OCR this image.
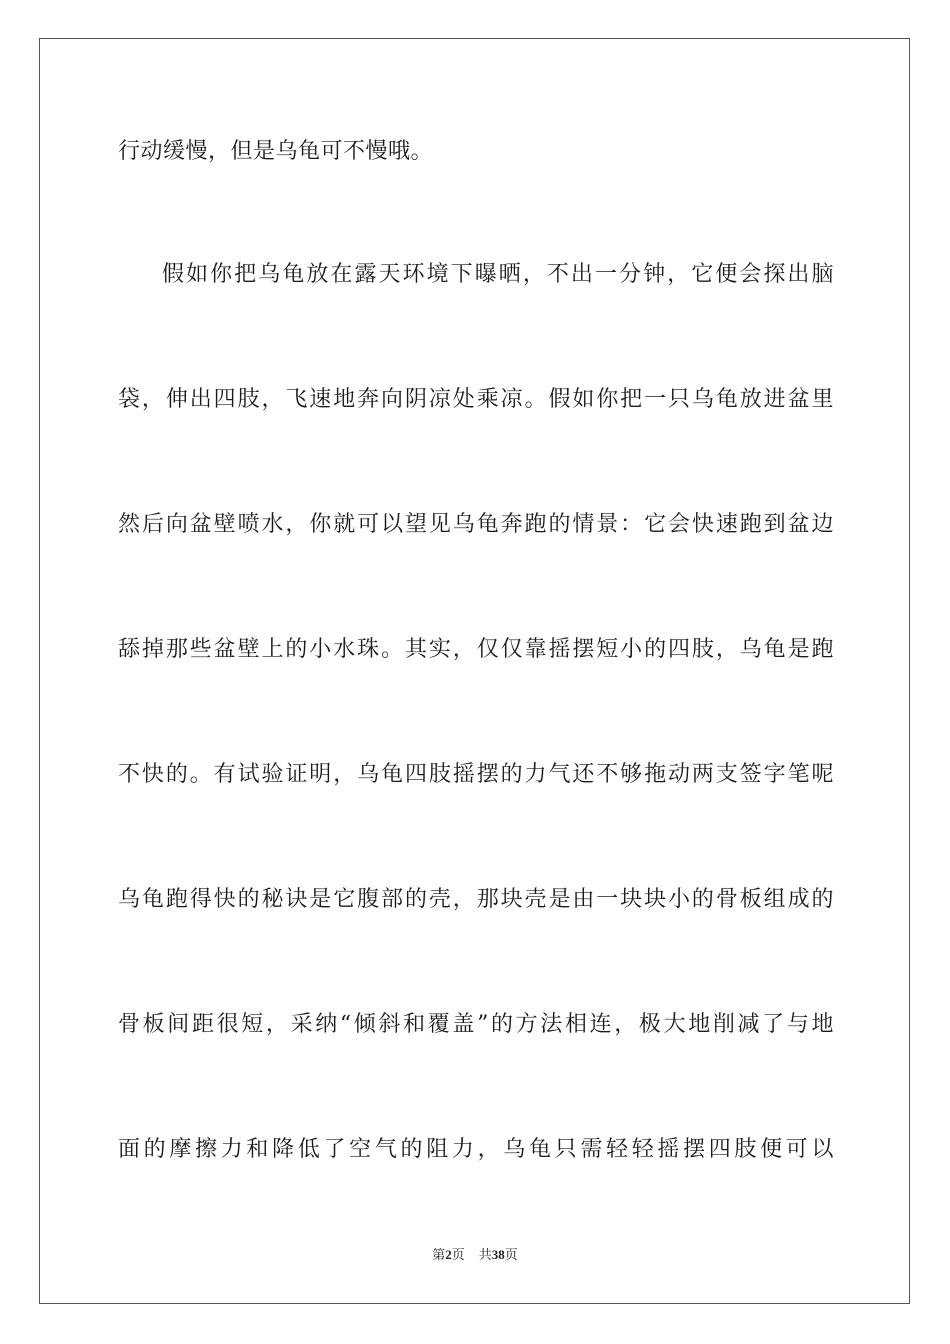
行动缓慢，但是乌龟可不慢哦。
假如你把乌龟放在露天环境下曝晒，不出一分钟，它便会探出脑
袋，伸出四肢，飞速地奔向阴凉处乘凉。假如你把一只乌龟放进盆里
然后向盆壁喷水，你就可以望见乌龟奔跑的情景：它会快速跑到盆边
舔掉那些盆壁上的小水珠。其实，仅仅靠摇摆短小的四肢，乌龟是跑
不快的。有试验证明，乌龟四肢摇摆的力气还不够拖动两支签字笔呢
乌龟跑得快的秘诀是它腹部的壳，那块壳是由一块块小的骨板组成的
骨板间距很短，采纳“倾斜和覆盖”的方法相连，极大地削减了与地
面的摩擦力和降低了空气的阻力，乌龟只需轻轻摇摆四肢便可以
第2页 共38页
